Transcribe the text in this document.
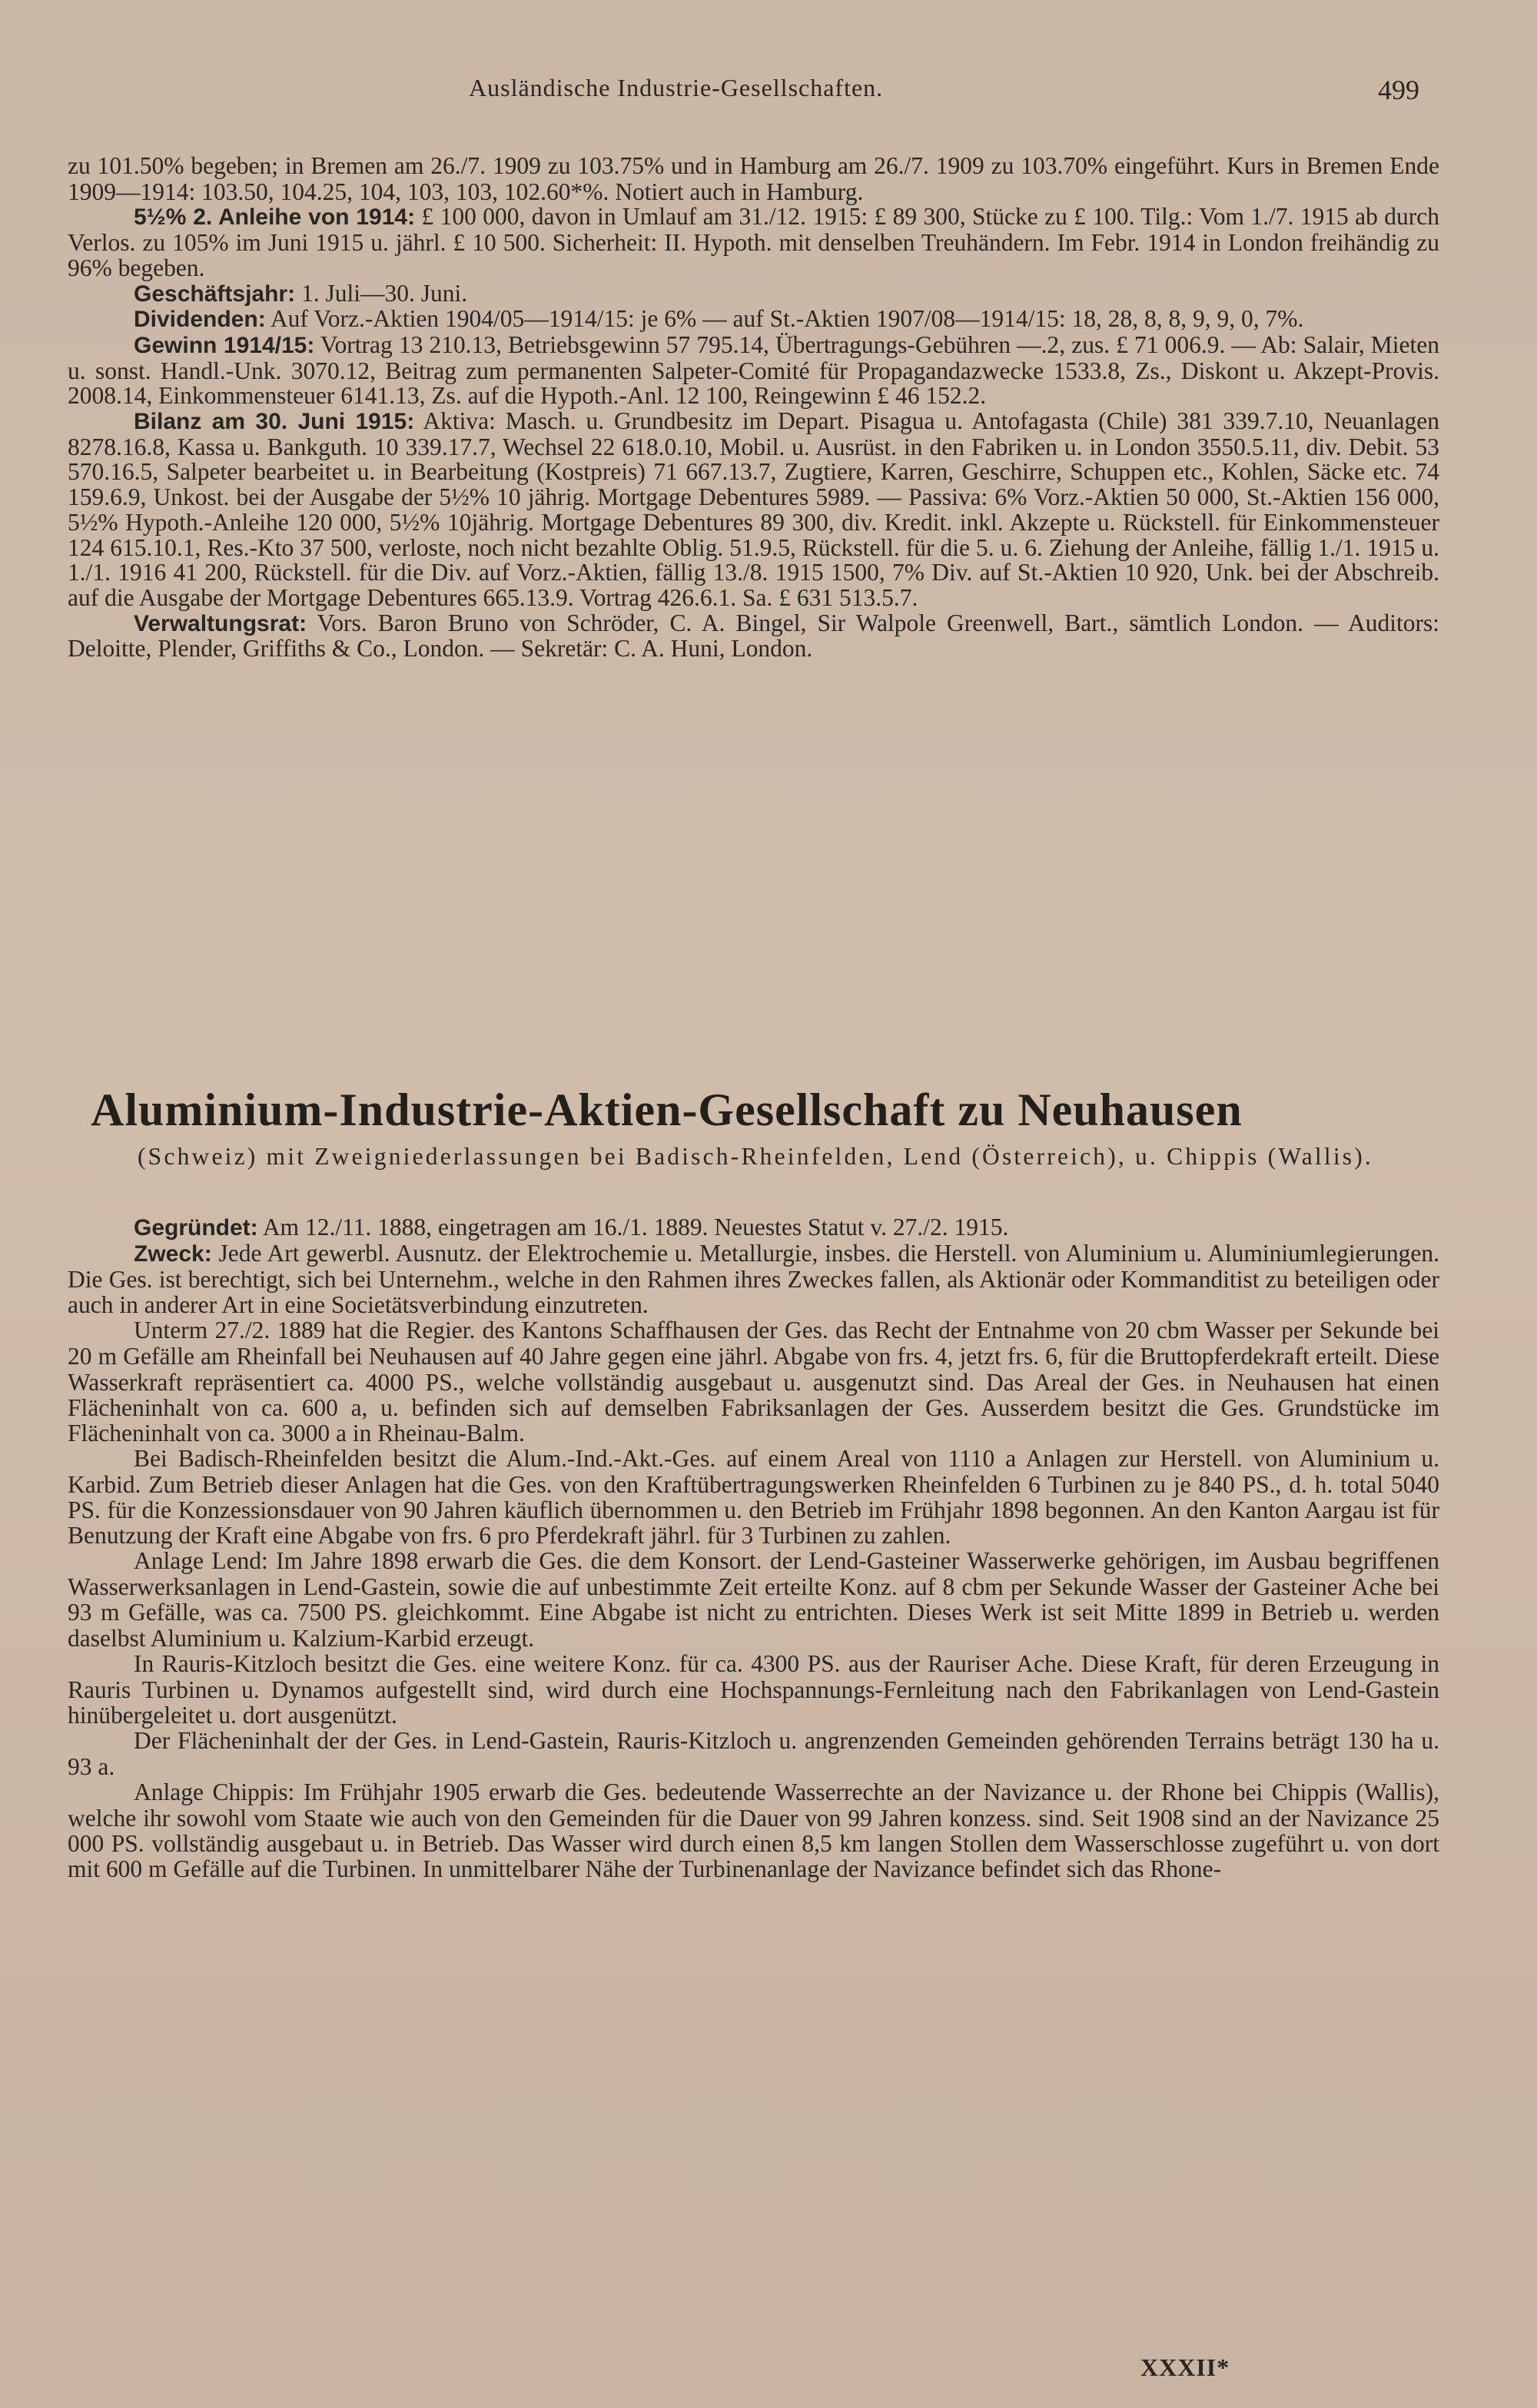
Ausländische Industrie-Gesellschaften.	499

zu 101.50% begeben; in Bremen am 26./7. 1909 zu 103.75% und in Hamburg am 26./7. 1909 zu 103.70% eingeführt. Kurs in Bremen Ende 1909—1914: 103.50, 104.25, 104, 103, 103, 102.60*%. Notiert auch in Hamburg.

5½% 2. Anleihe von 1914: £ 100 000, davon in Umlauf am 31./12. 1915: £ 89 300, Stücke zu £ 100. Tilg.: Vom 1./7. 1915 ab durch Verlos. zu 105% im Juni 1915 u. jährl. £ 10 500. Sicherheit: II. Hypoth. mit denselben Treuhändern. Im Febr. 1914 in London freihändig zu 96% begeben.

Geschäftsjahr: 1. Juli—30. Juni.

Dividenden: Auf Vorz.-Aktien 1904/05—1914/15: je 6% — auf St.-Aktien 1907/08—1914/15: 18, 28, 8, 8, 9, 9, 0, 7%.

Gewinn 1914/15: Vortrag 13 210.13, Betriebsgewinn 57 795.14, Übertragungs-Gebühren —.2, zus. £ 71 006.9. — Ab: Salair, Mieten u. sonst. Handl.-Unk. 3070.12, Beitrag zum permanenten Salpeter-Comité für Propagandazwecke 1533.8, Zs., Diskont u. Akzept-Provis. 2008.14, Einkommensteuer 6141.13, Zs. auf die Hypoth.-Anl. 12 100, Reingewinn £ 46 152.2.

Bilanz am 30. Juni 1915: Aktiva: Masch. u. Grundbesitz im Depart. Pisagua u. Antofagasta (Chile) 381 339.7.10, Neuanlagen 8278.16.8, Kassa u. Bankguth. 10 339.17.7, Wechsel 22 618.0.10, Mobil. u. Ausrüst. in den Fabriken u. in London 3550.5.11, div. Debit. 53 570.16.5, Salpeter bearbeitet u. in Bearbeitung (Kostpreis) 71 667.13.7, Zugtiere, Karren, Geschirre, Schuppen etc., Kohlen, Säcke etc. 74 159.6.9, Unkost. bei der Ausgabe der 5½% 10 jährig. Mortgage Debentures 5989. — Passiva: 6% Vorz.-Aktien 50 000, St.-Aktien 156 000, 5½% Hypoth.-Anleihe 120 000, 5½% 10jährig. Mortgage Debentures 89 300, div. Kredit. inkl. Akzepte u. Rückstell. für Einkommensteuer 124 615.10.1, Res.-Kto 37 500, verloste, noch nicht bezahlte Oblig. 51.9.5, Rückstell. für die 5. u. 6. Ziehung der Anleihe, fällig 1./1. 1915 u. 1./1. 1916 41 200, Rückstell. für die Div. auf Vorz.-Aktien, fällig 13./8. 1915 1500, 7% Div. auf St.-Aktien 10 920, Unk. bei der Abschreib. auf die Ausgabe der Mortgage Debentures 665.13.9. Vortrag 426.6.1. Sa. £ 631 513.5.7.

Verwaltungsrat: Vors. Baron Bruno von Schröder, C. A. Bingel, Sir Walpole Greenwell, Bart., sämtlich London. — Auditors: Deloitte, Plender, Griffiths & Co., London. — Sekretär: C. A. Huni, London.

Aluminium-Industrie-Aktien-Gesellschaft zu Neuhausen
(Schweiz) mit Zweigniederlassungen bei Badisch-Rheinfelden, Lend (Österreich), u. Chippis (Wallis).

Gegründet: Am 12./11. 1888, eingetragen am 16./1. 1889. Neuestes Statut v. 27./2. 1915.

Zweck: Jede Art gewerbl. Ausnutz. der Elektrochemie u. Metallurgie, insbes. die Herstell. von Aluminium u. Aluminiumlegierungen. Die Ges. ist berechtigt, sich bei Unternehm., welche in den Rahmen ihres Zweckes fallen, als Aktionär oder Kommanditist zu beteiligen oder auch in anderer Art in eine Societätsverbindung einzutreten.

Unterm 27./2. 1889 hat die Regier. des Kantons Schaffhausen der Ges. das Recht der Entnahme von 20 cbm Wasser per Sekunde bei 20 m Gefälle am Rheinfall bei Neuhausen auf 40 Jahre gegen eine jährl. Abgabe von frs. 4, jetzt frs. 6, für die Bruttopferdekraft erteilt. Diese Wasserkraft repräsentiert ca. 4000 PS., welche vollständig ausgebaut u. ausgenutzt sind. Das Areal der Ges. in Neuhausen hat einen Flächeninhalt von ca. 600 a, u. befinden sich auf demselben Fabriksanlagen der Ges. Ausserdem besitzt die Ges. Grundstücke im Flächeninhalt von ca. 3000 a in Rheinau-Balm.

Bei Badisch-Rheinfelden besitzt die Alum.-Ind.-Akt.-Ges. auf einem Areal von 1110 a Anlagen zur Herstell. von Aluminium u. Karbid. Zum Betrieb dieser Anlagen hat die Ges. von den Kraftübertragungswerken Rheinfelden 6 Turbinen zu je 840 PS., d. h. total 5040 PS. für die Konzessionsdauer von 90 Jahren käuflich übernommen u. den Betrieb im Frühjahr 1898 begonnen. An den Kanton Aargau ist für Benutzung der Kraft eine Abgabe von frs. 6 pro Pferdekraft jährl. für 3 Turbinen zu zahlen.

Anlage Lend: Im Jahre 1898 erwarb die Ges. die dem Konsort. der Lend-Gasteiner Wasserwerke gehörigen, im Ausbau begriffenen Wasserwerksanlagen in Lend-Gastein, sowie die auf unbestimmte Zeit erteilte Konz. auf 8 cbm per Sekunde Wasser der Gasteiner Ache bei 93 m Gefälle, was ca. 7500 PS. gleichkommt. Eine Abgabe ist nicht zu entrichten. Dieses Werk ist seit Mitte 1899 in Betrieb u. werden daselbst Aluminium u. Kalzium-Karbid erzeugt.

In Rauris-Kitzloch besitzt die Ges. eine weitere Konz. für ca. 4300 PS. aus der Rauriser Ache. Diese Kraft, für deren Erzeugung in Rauris Turbinen u. Dynamos aufgestellt sind, wird durch eine Hochspannungs-Fernleitung nach den Fabrikanlagen von Lend-Gastein hinübergeleitet u. dort ausgenützt.

Der Flächeninhalt der der Ges. in Lend-Gastein, Rauris-Kitzloch u. angrenzenden Gemeinden gehörenden Terrains beträgt 130 ha u. 93 a.

Anlage Chippis: Im Frühjahr 1905 erwarb die Ges. bedeutende Wasserrechte an der Navizance u. der Rhone bei Chippis (Wallis), welche ihr sowohl vom Staate wie auch von den Gemeinden für die Dauer von 99 Jahren konzess. sind. Seit 1908 sind an der Navizance 25 000 PS. vollständig ausgebaut u. in Betrieb. Das Wasser wird durch einen 8,5 km langen Stollen dem Wasserschlosse zugeführt u. von dort mit 600 m Gefälle auf die Turbinen. In unmittelbarer Nähe der Turbinenanlage der Navizance befindet sich das Rhone-

XXXII*
